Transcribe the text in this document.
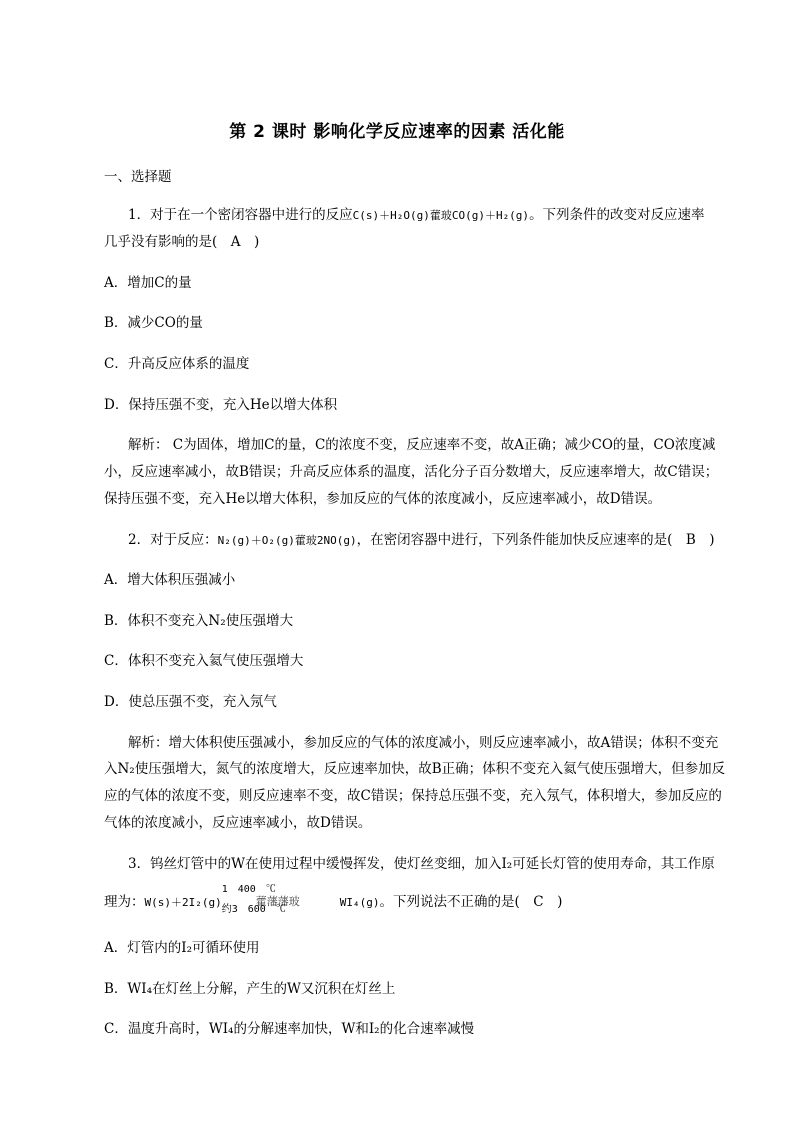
第 2 课时 影响化学反应速率的因素 活化能
一、选择题
1．对于在一个密闭容器中进行的反应C(s)＋H₂O(g)藿玻CO(g)＋H₂(g)。下列条件的改变对反应速率
几乎没有影响的是(　A　)
A．增加C的量
B．减少CO的量
C．升高反应体系的温度
D．保持压强不变，充入He以增大体积
解析： C为固体，增加C的量，C的浓度不变，反应速率不变，故A正确；减少CO的量，CO浓度减
小，反应速率减小，故B错误；升高反应体系的温度，活化分子百分数增大，反应速率增大，故C错误；
保持压强不变，充入He以增大体积，参加反应的气体的浓度减小，反应速率减小，故D错误。
2．对于反应：N₂(g)＋O₂(g)藿玻2NO(g)，在密闭容器中进行，下列条件能加快反应速率的是(　B　)
A．增大体积压强减小
B．体积不变充入N₂使压强增大
C．体积不变充入氦气使压强增大
D．使总压强不变，充入氖气
解析：增大体积使压强减小，参加反应的气体的浓度减小，则反应速率减小，故A错误；体积不变充
入N₂使压强增大，氮气的浓度增大，反应速率加快，故B正确；体积不变充入氦气使压强增大，但参加反
应的气体的浓度不变，则反应速率不变，故C错误；保持总压强不变，充入氖气，体积增大，参加反应的
气体的浓度减小，反应速率减小，故D错误。
3．钨丝灯管中的W在使用过程中缓慢挥发，使灯丝变细，加入I₂可延长灯管的使用寿命，其工作原
理为：W(s)＋2I₂(g)
1　400　℃
藿藩藩玻
约3　600　℃
WI₄(g)。下列说法不正确的是(　C　)
A．灯管内的I₂可循环使用
B．WI₄在灯丝上分解，产生的W又沉积在灯丝上
C．温度升高时，WI₄的分解速率加快，W和I₂的化合速率减慢
